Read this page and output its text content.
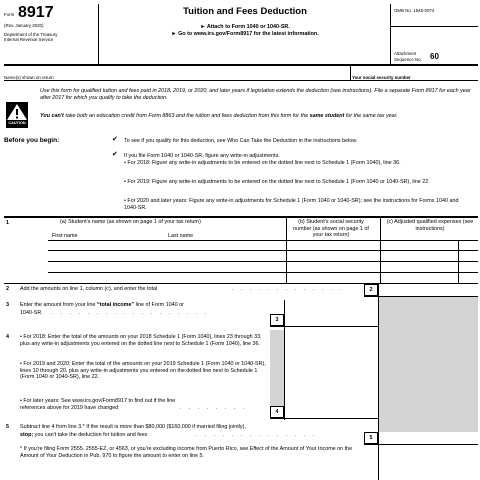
Form 8917
(Rev. January 2020)
Department of the Treasury
Internal Revenue Service
Tuition and Fees Deduction
► Attach to Form 1040 or 1040-SR.
► Go to www.irs.gov/Form8917 for the latest information.
OMB No. 1545-0074
Attachment
Sequence No. 60
Name(s) shown on return	Your social security number
Use this form for qualified tuition and fees paid in 2018, 2019, or 2020, and later years if legislation extends the deduction (see instructions). File a separate Form 8917 for each year after 2017 for which you qualify to take the deduction.
CAUTION
You can't take both an education credit from Form 8863 and the tuition and fees deduction from this form for the same student for the same tax year.
Before you begin:	✔ To see if you qualify for this deduction, see Who Can Take the Deduction in the instructions below.
✔ If you file Form 1040 or 1040-SR, figure any write-in adjustments.
• For 2018: Figure any write-in adjustments to be entered on the dotted line next to Schedule 1 (Form 1040), line 36.
• For 2019: Figure any write-in adjustments to be entered on the dotted line next to Schedule 1 (Form 1040 or 1040-SR), line 22.
• For 2020 and later years: Figure any write-in adjustments for Schedule 1 (Form 1040 or 1040-SR); see the instructions for Forms 1040 and 1040-SR.
1	(a) Student's name (as shown on page 1 of your tax return)
First name	Last name
(b) Student's social security number (as shown on page 1 of your tax return)
(c) Adjusted qualified expenses (see instructions)
2 Add the amounts on line 1, column (c), and enter the total	. . . . . . . . . . . . .	2
3 Enter the amount from your line “total income” line of Form 1040 or
1040-SR . . . . . . . . . . . . . . . . . .
3
4 • For 2018: Enter the total of the amounts on your 2018 Schedule 1 (Form 1040), lines 23 through 33, plus any write-in adjustments you entered on the dotted line next to Schedule 1 (Form 1040), line 36.
• For 2019 and 2020: Enter the total of the amounts on your 2019 Schedule 1 (Form 1040 or 1040-SR), lines 10 through 20, plus any write-in adjustments you entered on the dotted line next to Schedule 1 (Form 1040 or 1040-SR), line 22.
• For later years: See www.irs.gov/Form8917 to find out if the line
references above for 2019 have changed	. . . . . . . .
4
5 Subtract line 4 from line 3.* If the result is more than $80,000 ($160,000 if married filing jointly),
stop; you can't take the deduction for tuition and fees	. . . . . . . . . . . . . .	5
* If you're filing Form 2555, 2555-EZ, or 4563, or you're excluding income from Puerto Rico, see Effect of the Amount of Your Income on the Amount of Your Deduction in Pub. 970 to figure the amount to enter on line 5.
